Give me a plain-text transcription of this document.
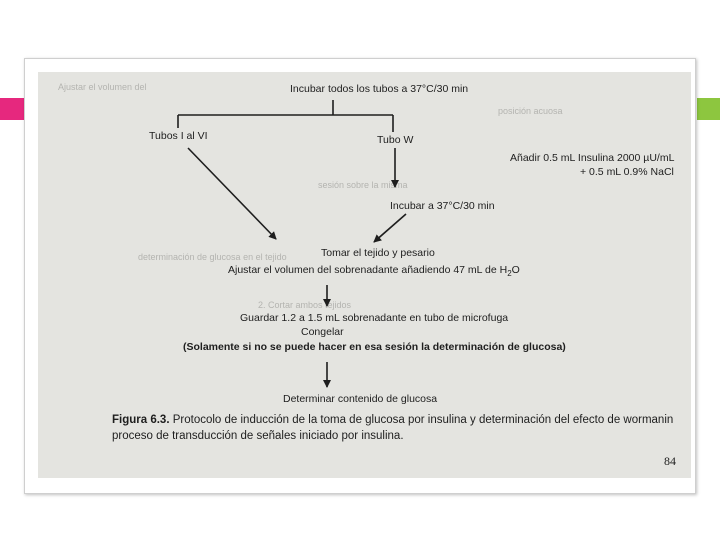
Ajustar el volumen del
posición acuosa
determinación de glucosa en el tejido
sesión sobre la misma
2. Cortar ambos tejidos
Incubar todos los tubos a 37°C/30 min
Tubos I al VI	Tubo W
Añadir 0.5 mL Insulina 2000 µU/mL
+ 0.5 mL 0.9% NaCl
Incubar a 37°C/30 min
Tomar el tejido y pesario
Ajustar el volumen del sobrenadante añadiendo 47 mL de $H_2O$
Guardar 1.2 a 1.5 mL sobrenadante en tubo de microfuga
Congelar
(Solamente si no se puede hacer en esa sesión la determinación de glucosa)
Determinar contenido de glucosa
Figura 6.3. Protocolo de inducción de la toma de glucosa por insulina y determinación del efecto de wormanin
proceso de transducción de señales iniciado por insulina.
84
